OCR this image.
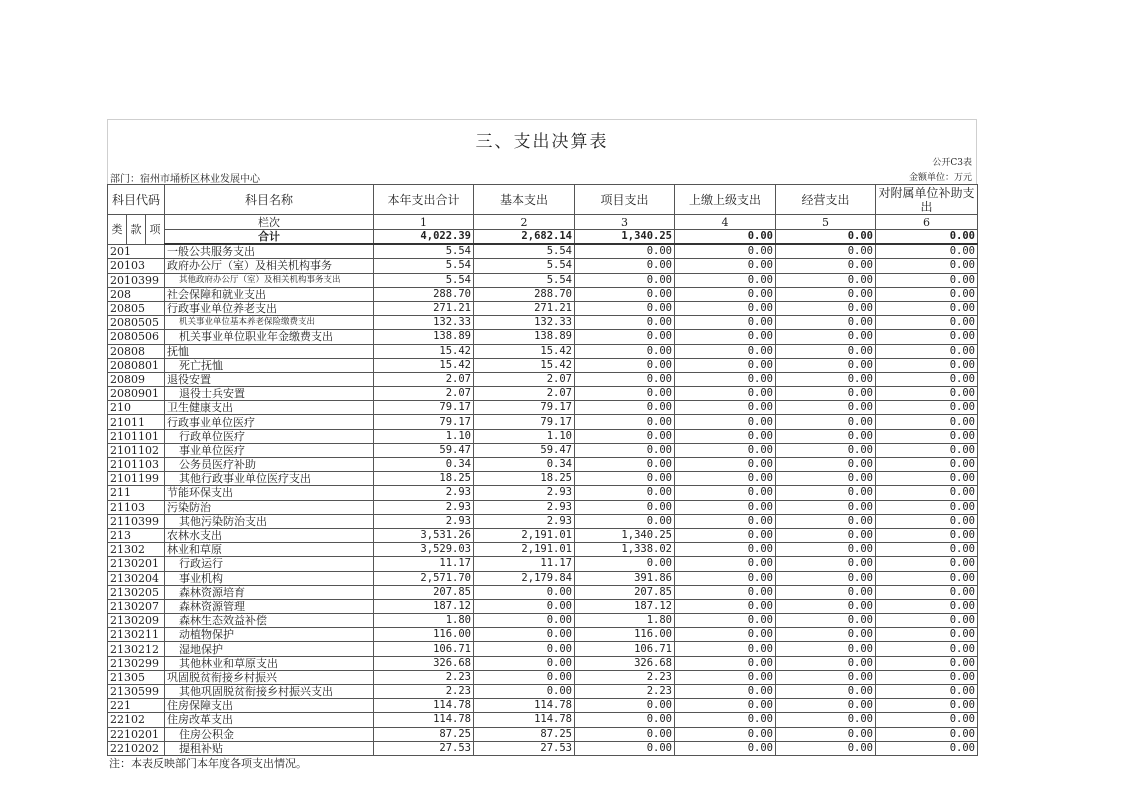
三、支出决算表
公开C3表
部门：宿州市埇桥区林业发展中心	金额单位：万元
科目代码			科目名称	本年支出合计	基本支出	项目支出	上缴上级支出	经营支出	对附属单位补助支出
类	款	项	栏次	1	2	3	4	5	6
			合计	4,022.39	2,682.14	1,340.25	0.00	0.00	0.00
201			一般公共服务支出	5.54	5.54	0.00	0.00	0.00	0.00
20103			政府办公厅（室）及相关机构事务	5.54	5.54	0.00	0.00	0.00	0.00
2010399			其他政府办公厅（室）及相关机构事务支出	5.54	5.54	0.00	0.00	0.00	0.00
208			社会保障和就业支出	288.70	288.70	0.00	0.00	0.00	0.00
20805			行政事业单位养老支出	271.21	271.21	0.00	0.00	0.00	0.00
2080505			机关事业单位基本养老保险缴费支出	132.33	132.33	0.00	0.00	0.00	0.00
2080506			机关事业单位职业年金缴费支出	138.89	138.89	0.00	0.00	0.00	0.00
20808			抚恤	15.42	15.42	0.00	0.00	0.00	0.00
2080801			死亡抚恤	15.42	15.42	0.00	0.00	0.00	0.00
20809			退役安置	2.07	2.07	0.00	0.00	0.00	0.00
2080901			退役士兵安置	2.07	2.07	0.00	0.00	0.00	0.00
210			卫生健康支出	79.17	79.17	0.00	0.00	0.00	0.00
21011			行政事业单位医疗	79.17	79.17	0.00	0.00	0.00	0.00
2101101			行政单位医疗	1.10	1.10	0.00	0.00	0.00	0.00
2101102			事业单位医疗	59.47	59.47	0.00	0.00	0.00	0.00
2101103			公务员医疗补助	0.34	0.34	0.00	0.00	0.00	0.00
2101199			其他行政事业单位医疗支出	18.25	18.25	0.00	0.00	0.00	0.00
211			节能环保支出	2.93	2.93	0.00	0.00	0.00	0.00
21103			污染防治	2.93	2.93	0.00	0.00	0.00	0.00
2110399			其他污染防治支出	2.93	2.93	0.00	0.00	0.00	0.00
213			农林水支出	3,531.26	2,191.01	1,340.25	0.00	0.00	0.00
21302			林业和草原	3,529.03	2,191.01	1,338.02	0.00	0.00	0.00
2130201			行政运行	11.17	11.17	0.00	0.00	0.00	0.00
2130204			事业机构	2,571.70	2,179.84	391.86	0.00	0.00	0.00
2130205			森林资源培育	207.85	0.00	207.85	0.00	0.00	0.00
2130207			森林资源管理	187.12	0.00	187.12	0.00	0.00	0.00
2130209			森林生态效益补偿	1.80	0.00	1.80	0.00	0.00	0.00
2130211			动植物保护	116.00	0.00	116.00	0.00	0.00	0.00
2130212			湿地保护	106.71	0.00	106.71	0.00	0.00	0.00
2130299			其他林业和草原支出	326.68	0.00	326.68	0.00	0.00	0.00
21305			巩固脱贫衔接乡村振兴	2.23	0.00	2.23	0.00	0.00	0.00
2130599			其他巩固脱贫衔接乡村振兴支出	2.23	0.00	2.23	0.00	0.00	0.00
221			住房保障支出	114.78	114.78	0.00	0.00	0.00	0.00
22102			住房改革支出	114.78	114.78	0.00	0.00	0.00	0.00
2210201			住房公积金	87.25	87.25	0.00	0.00	0.00	0.00
2210202			提租补贴	27.53	27.53	0.00	0.00	0.00	0.00
注：本表反映部门本年度各项支出情况。
